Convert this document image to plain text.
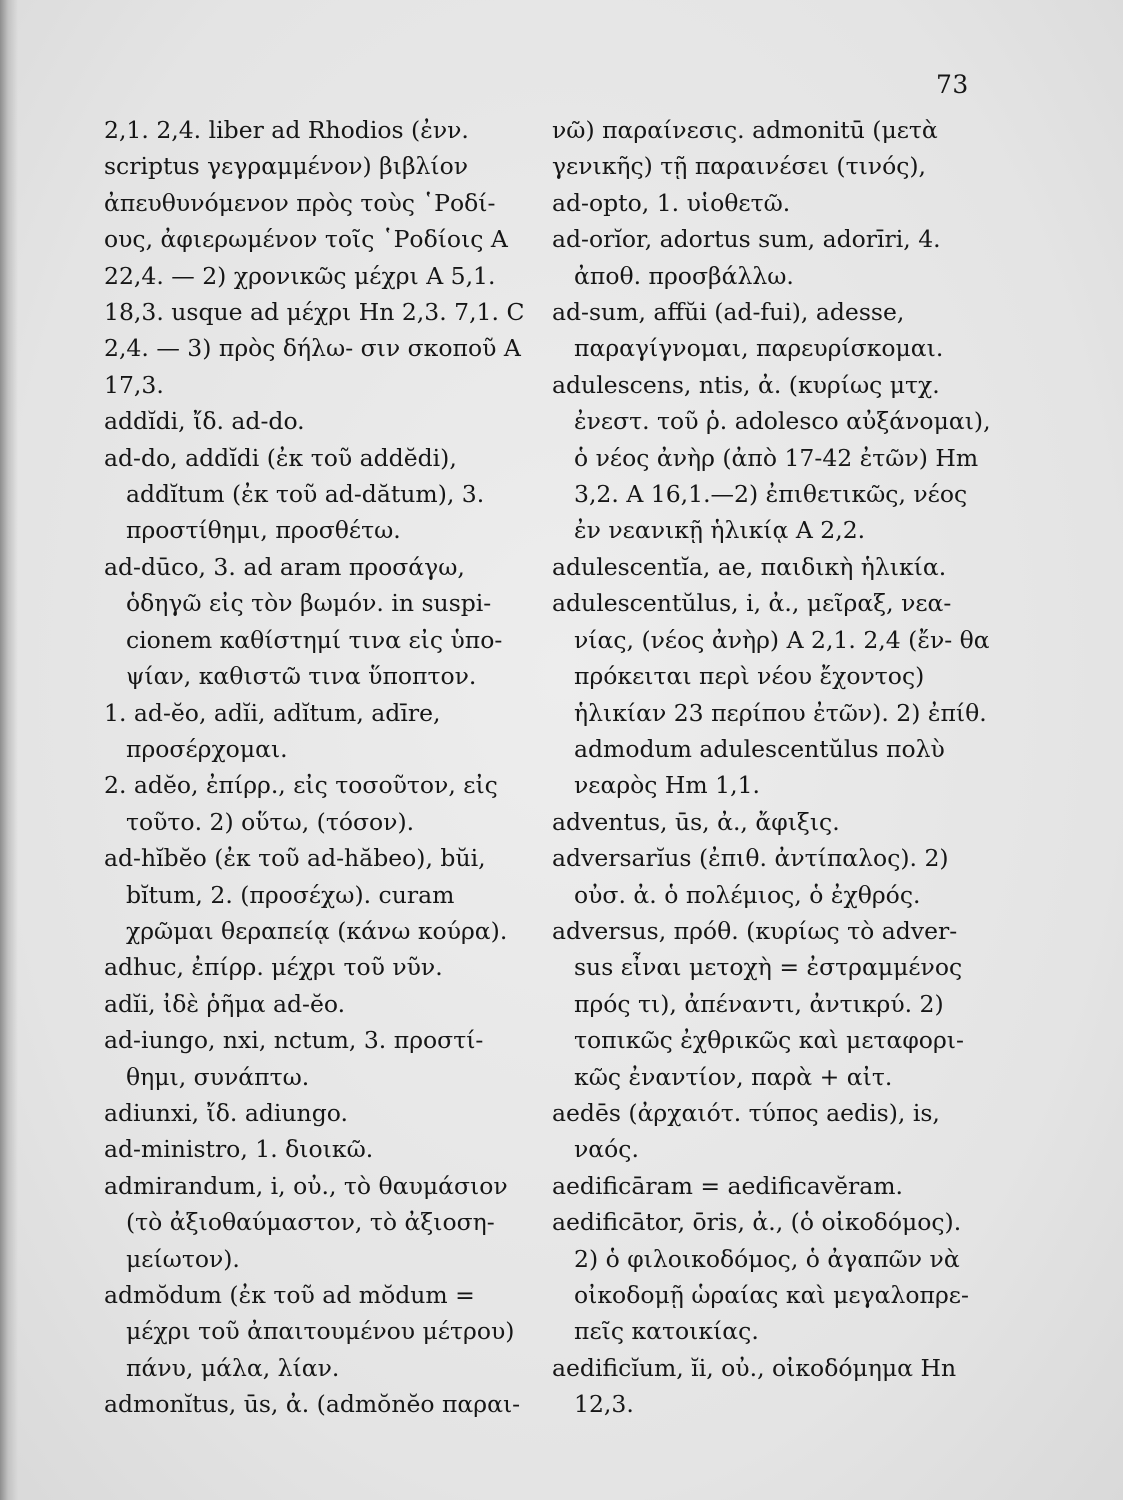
73
2,1. 2,4. liber ad Rhodios (ἐνν. scriptus γεγραμμένον) βιβλίον ἀπευθυνόμενον πρὸς τοὺς ῾Ροδί- ους, ἀφιερωμένον τοῖς ῾Ροδίοις A 22,4. — 2) χρονικῶς μέχρι A 5,1. 18,3. usque ad μέχρι Hn 2,3. 7,1. C 2,4. — 3) πρὸς δήλω- σιν σκοποῦ A 17,3.
addĭdi, ἴδ. ad-do.
ad-do, addĭdi (ἐκ τοῦ addĕdi), addĭtum (ἐκ τοῦ ad-dătum), 3. προστίθημι, προσθέτω.
ad-dūco, 3. ad aram προσάγω, ὁδηγῶ εἰς τὸν βωμόν. in suspi- cionem καθίστημί τινα εἰς ὑπο- ψίαν, καθιστῶ τινα ὕποπτον.
1. ad-ĕo, adĭi, adĭtum, adīre, προσέρχομαι.
2. adĕo, ἐπίρρ., εἰς τοσοῦτον, εἰς τοῦτο. 2) οὕτω, (τόσον).
ad-hĭbĕo (ἐκ τοῦ ad-hăbeo), bŭi, bĭtum, 2. (προσέχω). curam χρῶμαι θεραπείᾳ (κάνω κούρα).
adhuc, ἐπίρρ. μέχρι τοῦ νῦν.
adĭi, ἰδὲ ῥῆμα ad-ĕo.
ad-iungo, nxi, nctum, 3. προστί- θημι, συνάπτω.
adiunxi, ἴδ. adiungo.
ad-ministro, 1. διοικῶ.
admirandum, i, οὐ., τὸ θαυμάσιον (τὸ ἀξιοθαύμαστον, τὸ ἀξιοση- μείωτον).
admŏdum (ἐκ τοῦ ad mŏdum = μέχρι τοῦ ἀπαιτουμένου μέτρου) πάνυ, μάλα, λίαν.
admonĭtus, ūs, ἀ. (admŏnĕo παραι-
νῶ) παραίνεσις. admonitū (μετὰ γενικῆς) τῇ παραινέσει (τινός),
ad-opto, 1. υἱοθετῶ.
ad-orĭor, adortus sum, adorīri, 4. ἀποθ. προσβάλλω.
ad-sum, affŭi (ad-fui), adesse, παραγίγνομαι, παρευρίσκομαι.
adulescens, ntis, ἀ. (κυρίως μτχ. ἐνεστ. τοῦ ῥ. adolesco αὐξάνομαι), ὁ νέος ἀνὴρ (ἀπὸ 17-42 ἐτῶν) Hm 3,2. A 16,1.—2) ἐπιθετικῶς, νέος ἐν νεανικῇ ἡλικίᾳ A 2,2.
adulescentĭa, ae, παιδικὴ ἡλικία.
adulescentŭlus, i, ἀ., μεῖραξ, νεα- νίας, (νέος ἀνὴρ) A 2,1. 2,4 (ἔν- θα πρόκειται περὶ νέου ἔχοντος) ἡλικίαν 23 περίπου ἐτῶν). 2) ἐπίθ. admodum adulescentŭlus πολὺ νεαρὸς Hm 1,1.
adventus, ūs, ἀ., ἄφιξις.
adversarĭus (ἐπιθ. ἀντίπαλος). 2) οὐσ. ἀ. ὁ πολέμιος, ὁ ἐχθρός.
adversus, πρόθ. (κυρίως τὸ adver- sus εἶναι μετοχὴ = ἐστραμμένος πρός τι), ἀπέναντι, ἀντικρύ. 2) τοπικῶς ἐχθρικῶς καὶ μεταφορι- κῶς ἐναντίον, παρὰ + αἰτ.
aedēs (ἀρχαιότ. τύπος aedis), is, ναός.
aedificāram = aedificavĕram.
aedificātor, ōris, ἀ., (ὁ οἰκοδόμος). 2) ὁ φιλοικοδόμος, ὁ ἀγαπῶν νὰ οἰκοδομῇ ὡραίας καὶ μεγαλοπρε- πεῖς κατοικίας.
aedificĭum, ĭi, οὐ., οἰκοδόμημα Hn 12,3.
